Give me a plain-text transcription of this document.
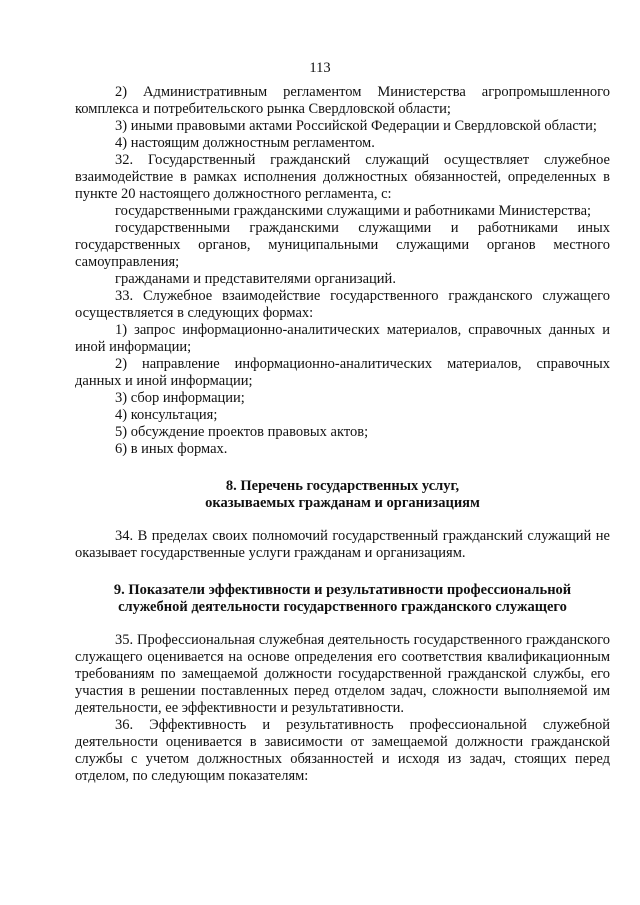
113

2) Административным регламентом Министерства агропромышленного комплекса и потребительского рынка Свердловской области;

3) иными правовыми актами Российской Федерации и Свердловской области;

4) настоящим должностным регламентом.

32. Государственный гражданский служащий осуществляет служебное взаимодействие в рамках исполнения должностных обязанностей, определенных в пункте 20 настоящего должностного регламента, с:

государственными гражданскими служащими и работниками Министерства;

государственными гражданскими служащими и работниками иных государственных органов, муниципальными служащими органов местного самоуправления;

гражданами и представителями организаций.

33. Служебное взаимодействие государственного гражданского служащего осуществляется в следующих формах:

1) запрос информационно-аналитических материалов, справочных данных и иной информации;

2) направление информационно-аналитических материалов, справочных данных и иной информации;

3) сбор информации;

4) консультация;

5) обсуждение проектов правовых актов;

6) в иных формах.

8. Перечень государственных услуг,
оказываемых гражданам и организациям

34. В пределах своих полномочий государственный гражданский служащий не оказывает государственные услуги гражданам и организациям.

9. Показатели эффективности и результативности профессиональной
служебной деятельности государственного гражданского служащего

35. Профессиональная служебная деятельность государственного гражданского служащего оценивается на основе определения его соответствия квалификационным требованиям по замещаемой должности государственной гражданской службы, его участия в решении поставленных перед отделом задач, сложности выполняемой им деятельности, ее эффективности и результативности.

36. Эффективность и результативность профессиональной служебной деятельности оценивается в зависимости от замещаемой должности гражданской службы с учетом должностных обязанностей и исходя из задач, стоящих перед отделом, по следующим показателям:
